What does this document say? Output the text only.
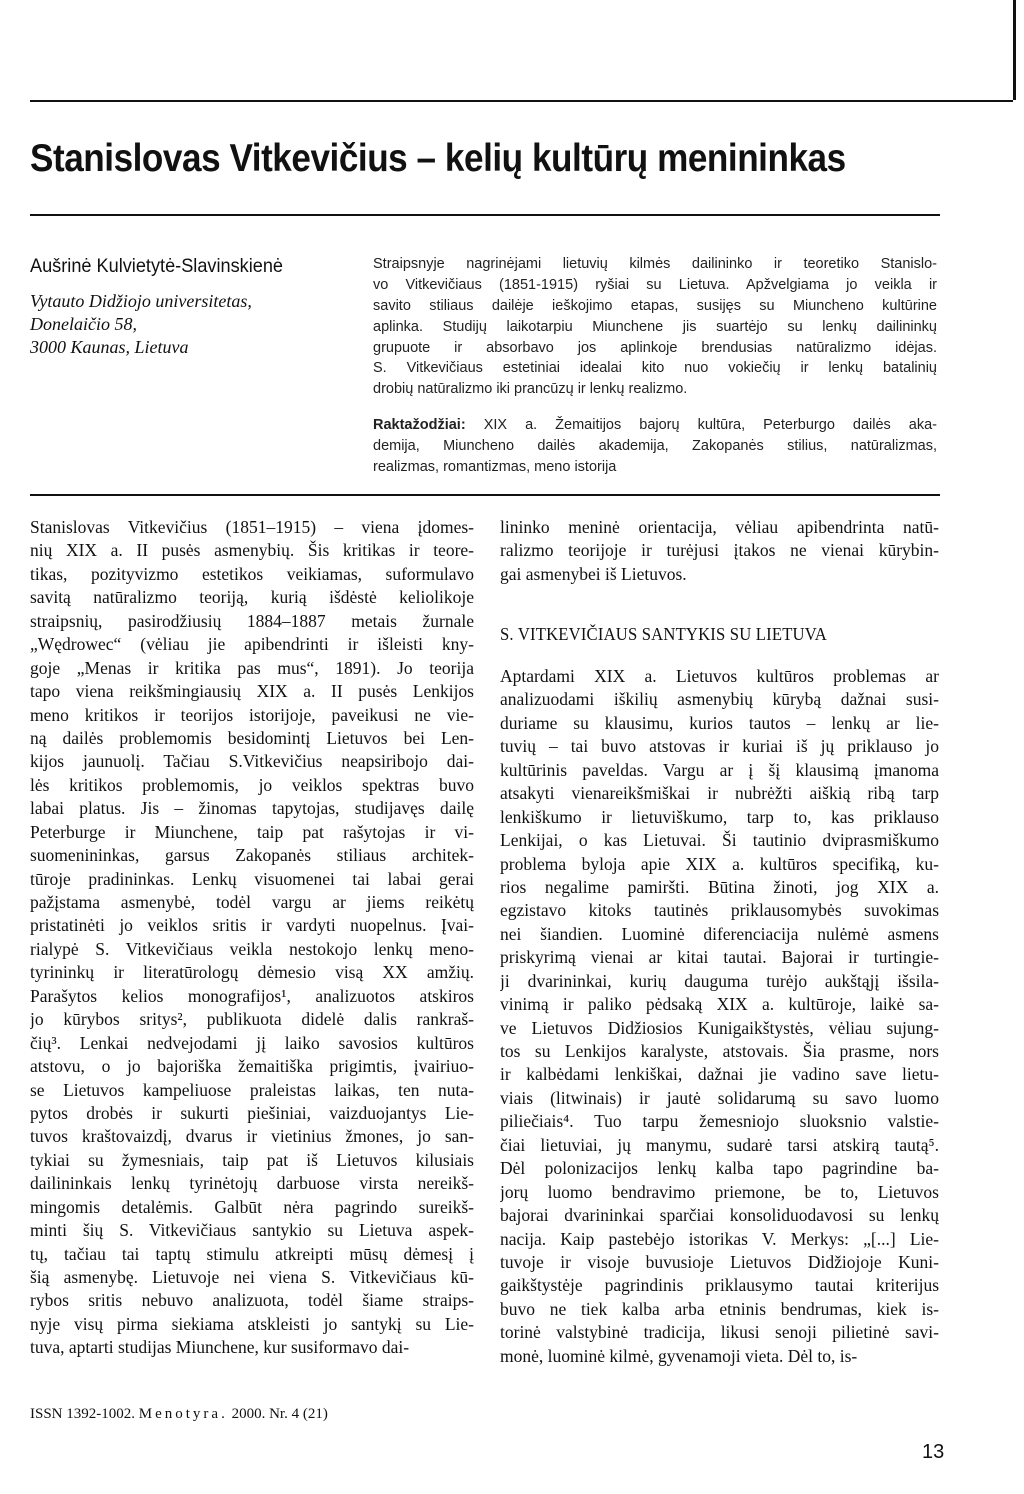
Stanislovas Vitkevičius – kelių kultūrų menininkas
Aušrinė Kulvietytė-Slavinskienė
Vytauto Didžiojo universitetas,
Donelaičio 58,
3000 Kaunas, Lietuva
Straipsnyje nagrinėjami lietuvių kilmės dailininko ir teoretiko Stanislo-
vo Vitkevičiaus (1851-1915) ryšiai su Lietuva. Apžvelgiama jo veikla ir
savito stiliaus dailėje ieškojimo etapas, susijęs su Miuncheno kultūrine
aplinka. Studijų laikotarpiu Miunchene jis suartėjo su lenkų dailininkų
grupuote ir absorbavo jos aplinkoje brendusias natūralizmo idėjas.
S. Vitkevičiaus estetiniai idealai kito nuo vokiečių ir lenkų batalinių
drobių natūralizmo iki prancūzų ir lenkų realizmo.
Raktažodžiai: XIX a. Žemaitijos bajorų kultūra, Peterburgo dailės aka-
demija, Miuncheno dailės akademija, Zakopanės stilius, natūralizmas,
realizmas, romantizmas, meno istorija
Stanislovas Vitkevičius (1851–1915) – viena įdomes-
nių XIX a. II pusės asmenybių. Šis kritikas ir teore-
tikas, pozityvizmo estetikos veikiamas, suformulavo
savitą natūralizmo teoriją, kurią išdėstė keliolikoje
straipsnių, pasirodžiusių 1884–1887 metais žurnale
„Wędrowec“ (vėliau jie apibendrinti ir išleisti kny-
goje „Menas ir kritika pas mus“, 1891). Jo teorija
tapo viena reikšmingiausių XIX a. II pusės Lenkijos
meno kritikos ir teorijos istorijoje, paveikusi ne vie-
ną dailės problemomis besidomintį Lietuvos bei Len-
kijos jaunuolį. Tačiau S.Vitkevičius neapsiribojo dai-
lės kritikos problemomis, jo veiklos spektras buvo
labai platus. Jis – žinomas tapytojas, studijavęs dailę
Peterburge ir Miunchene, taip pat rašytojas ir vi-
suomenininkas, garsus Zakopanės stiliaus architek-
tūroje pradininkas. Lenkų visuomenei tai labai gerai
pažįstama asmenybė, todėl vargu ar jiems reikėtų
pristatinėti jo veiklos sritis ir vardyti nuopelnus. Įvai-
rialypė S. Vitkevičiaus veikla nestokojo lenkų meno-
tyrininkų ir literatūrologų dėmesio visą XX amžių.
Parašytos kelios monografijos¹, analizuotos atskiros
jo kūrybos sritys², publikuota didelė dalis rankraš-
čių³. Lenkai nedvejodami jį laiko savosios kultūros
atstovu, o jo bajoriška žemaitiška prigimtis, įvairiuo-
se Lietuvos kampeliuose praleistas laikas, ten nuta-
pytos drobės ir sukurti piešiniai, vaizduojantys Lie-
tuvos kraštovaizdį, dvarus ir vietinius žmones, jo san-
tykiai su žymesniais, taip pat iš Lietuvos kilusiais
dailininkais lenkų tyrinėtojų darbuose virsta nereikš-
mingomis detalėmis. Galbūt nėra pagrindo sureikš-
minti šių S. Vitkevičiaus santykio su Lietuva aspek-
tų, tačiau tai taptų stimulu atkreipti mūsų dėmesį į
šią asmenybę. Lietuvoje nei viena S. Vitkevičiaus kū-
rybos sritis nebuvo analizuota, todėl šiame straips-
nyje visų pirma siekiama atskleisti jo santykį su Lie-
tuva, aptarti studijas Miunchene, kur susiformavo dai-
lininko meninė orientacija, vėliau apibendrinta natū-
ralizmo teorijoje ir turėjusi įtakos ne vienai kūrybin-
gai asmenybei iš Lietuvos.
S. VITKEVIČIAUS SANTYKIS SU LIETUVA
Aptardami XIX a. Lietuvos kultūros problemas ar
analizuodami iškilių asmenybių kūrybą dažnai susi-
duriame su klausimu, kurios tautos – lenkų ar lie-
tuvių – tai buvo atstovas ir kuriai iš jų priklauso jo
kultūrinis paveldas. Vargu ar į šį klausimą įmanoma
atsakyti vienareikšmiškai ir nubrėžti aiškią ribą tarp
lenkiškumo ir lietuviškumo, tarp to, kas priklauso
Lenkijai, o kas Lietuvai. Ši tautinio dviprasmiškumo
problema byloja apie XIX a. kultūros specifiką, ku-
rios negalime pamiršti. Būtina žinoti, jog XIX a.
egzistavo kitoks tautinės priklausomybės suvokimas
nei šiandien. Luominė diferenciacija nulėmė asmens
priskyrimą vienai ar kitai tautai. Bajorai ir turtingie-
ji dvarininkai, kurių dauguma turėjo aukštąjį išsila-
vinimą ir paliko pėdsaką XIX a. kultūroje, laikė sa-
ve Lietuvos Didžiosios Kunigaikštystės, vėliau sujung-
tos su Lenkijos karalyste, atstovais. Šia prasme, nors
ir kalbėdami lenkiškai, dažnai jie vadino save lietu-
viais (litwinais) ir jautė solidarumą su savo luomo
piliečiais⁴. Tuo tarpu žemesniojo sluoksnio valstie-
čiai lietuviai, jų manymu, sudarė tarsi atskirą tautą⁵.
Dėl polonizacijos lenkų kalba tapo pagrindine ba-
jorų luomo bendravimo priemone, be to, Lietuvos
bajorai dvarininkai sparčiai konsoliduodavosi su lenkų
nacija. Kaip pastebėjo istorikas V. Merkys: „[...] Lie-
tuvoje ir visoje buvusioje Lietuvos Didžiojoje Kuni-
gaikštystėje pagrindinis priklausymo tautai kriterijus
buvo ne tiek kalba arba etninis bendrumas, kiek is-
torinė valstybinė tradicija, likusi senoji pilietinė savi-
monė, luominė kilmė, gyvenamoji vieta. Dėl to, is-
ISSN 1392-1002. Menotyra. 2000. Nr. 4 (21)
13
